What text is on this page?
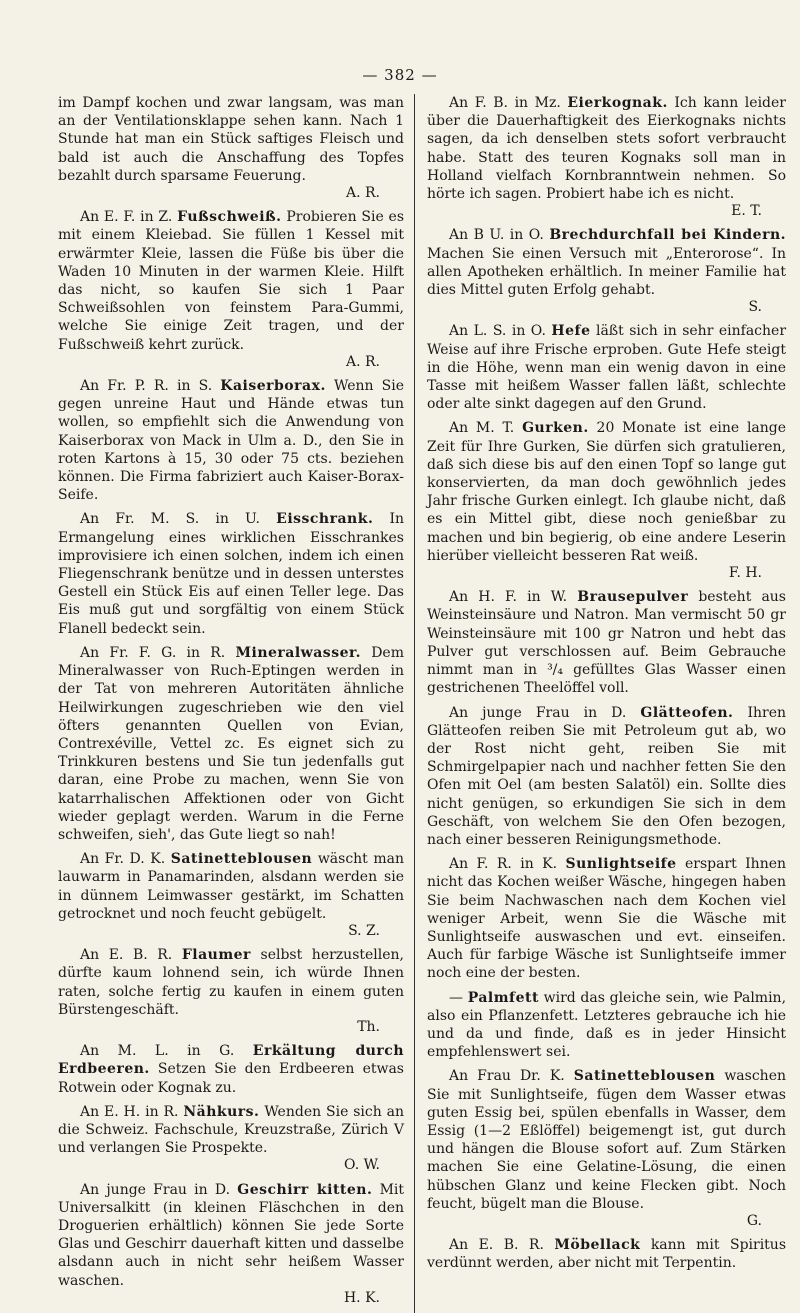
— 382 —

im Dampf kochen und zwar langsam, was man an der Ventilationsklappe sehen kann. Nach 1 Stunde hat man ein Stück saftiges Fleisch und bald ist auch die Anschaffung des Topfes bezahlt durch sparsame Feuerung.
A. R.

An E. F. in Z. Fußschweiß. Probieren Sie es mit einem Kleiebad. Sie füllen 1 Kessel mit erwärmter Kleie, lassen die Füße bis über die Waden 10 Minuten in der warmen Kleie. Hilft das nicht, so kaufen Sie sich 1 Paar Schweißsohlen von feinstem Para-Gummi, welche Sie einige Zeit tragen, und der Fußschweiß kehrt zurück.
A. R.

An Fr. P. R. in S. Kaiserborax. Wenn Sie gegen unreine Haut und Hände etwas tun wollen, so empfiehlt sich die Anwendung von Kaiserborax von Mack in Ulm a. D., den Sie in roten Kartons à 15, 30 oder 75 cts. beziehen können. Die Firma fabriziert auch Kaiser-Borax-Seife.

An Fr. M. S. in U. Eisschrank. In Ermangelung eines wirklichen Eisschrankes improvisiere ich einen solchen, indem ich einen Fliegenschrank benütze und in dessen unterstes Gestell ein Stück Eis auf einen Teller lege. Das Eis muß gut und sorgfältig von einem Stück Flanell bedeckt sein.

An Fr. F. G. in R. Mineralwasser. Dem Mineralwasser von Ruch-Eptingen werden in der Tat von mehreren Autoritäten ähnliche Heilwirkungen zugeschrieben wie den viel öfters genannten Quellen von Evian, Contrexéville, Vettel zc. Es eignet sich zu Trinkkuren bestens und Sie tun jedenfalls gut daran, eine Probe zu machen, wenn Sie von katarrhalischen Affektionen oder von Gicht wieder geplagt werden. Warum in die Ferne schweifen, sieh', das Gute liegt so nah!

An Fr. D. K. Satinetteblousen wäscht man lauwarm in Panamarinden, alsdann werden sie in dünnem Leimwasser gestärkt, im Schatten getrocknet und noch feucht gebügelt.
S. Z.

An E. B. R. Flaumer selbst herzustellen, dürfte kaum lohnend sein, ich würde Ihnen raten, solche fertig zu kaufen in einem guten Bürstengeschäft.
Th.

An M. L. in G. Erkältung durch Erdbeeren. Setzen Sie den Erdbeeren etwas Rotwein oder Kognak zu.

An E. H. in R. Nähkurs. Wenden Sie sich an die Schweiz. Fachschule, Kreuzstraße, Zürich V und verlangen Sie Prospekte.
O. W.

An junge Frau in D. Geschirr kitten. Mit Universalkitt (in kleinen Fläschchen in den Droguerien erhältlich) können Sie jede Sorte Glas und Geschirr dauerhaft kitten und dasselbe alsdann auch in nicht sehr heißem Wasser waschen.
H. K.

An F. B. in Mz. Eierkognak. Ich kann leider über die Dauerhaftigkeit des Eierkognaks nichts sagen, da ich denselben stets sofort verbraucht habe. Statt des teuren Kognaks soll man in Holland vielfach Kornbranntwein nehmen. So hörte ich sagen. Probiert habe ich es nicht.
E. T.

An B U. in O. Brechdurchfall bei Kindern. Machen Sie einen Versuch mit „Enterorose“. In allen Apotheken erhältlich. In meiner Familie hat dies Mittel guten Erfolg gehabt.
S.

An L. S. in O. Hefe läßt sich in sehr einfacher Weise auf ihre Frische erproben. Gute Hefe steigt in die Höhe, wenn man ein wenig davon in eine Tasse mit heißem Wasser fallen läßt, schlechte oder alte sinkt dagegen auf den Grund.

An M. T. Gurken. 20 Monate ist eine lange Zeit für Ihre Gurken, Sie dürfen sich gratulieren, daß sich diese bis auf den einen Topf so lange gut konservierten, da man doch gewöhnlich jedes Jahr frische Gurken einlegt. Ich glaube nicht, daß es ein Mittel gibt, diese noch genießbar zu machen und bin begierig, ob eine andere Leserin hierüber vielleicht besseren Rat weiß.
F. H.

An H. F. in W. Brausepulver besteht aus Weinsteinsäure und Natron. Man vermischt 50 gr Weinsteinsäure mit 100 gr Natron und hebt das Pulver gut verschlossen auf. Beim Gebrauche nimmt man in ³/₄ gefülltes Glas Wasser einen gestrichenen Theelöffel voll.

An junge Frau in D. Glätteofen. Ihren Glätteofen reiben Sie mit Petroleum gut ab, wo der Rost nicht geht, reiben Sie mit Schmirgelpapier nach und nachher fetten Sie den Ofen mit Oel (am besten Salatöl) ein. Sollte dies nicht genügen, so erkundigen Sie sich in dem Geschäft, von welchem Sie den Ofen bezogen, nach einer besseren Reinigungsmethode.

An F. R. in K. Sunlightseife erspart Ihnen nicht das Kochen weißer Wäsche, hingegen haben Sie beim Nachwaschen nach dem Kochen viel weniger Arbeit, wenn Sie die Wäsche mit Sunlightseife auswaschen und evt. einseifen. Auch für farbige Wäsche ist Sunlightseife immer noch eine der besten.

— Palmfett wird das gleiche sein, wie Palmin, also ein Pflanzenfett. Letzteres gebrauche ich hie und da und finde, daß es in jeder Hinsicht empfehlenswert sei.

An Frau Dr. K. Satinetteblousen waschen Sie mit Sunlightseife, fügen dem Wasser etwas guten Essig bei, spülen ebenfalls in Wasser, dem Essig (1—2 Eßlöffel) beigemengt ist, gut durch und hängen die Blouse sofort auf. Zum Stärken machen Sie eine Gelatine-Lösung, die einen hübschen Glanz und keine Flecken gibt. Noch feucht, bügelt man die Blouse.
G.

An E. B. R. Möbellack kann mit Spiritus verdünnt werden, aber nicht mit Terpentin.
